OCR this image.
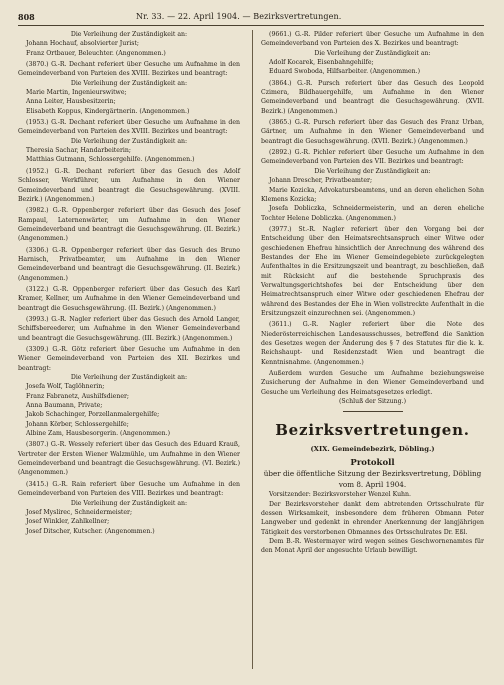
808	Nr. 33. — 22. April 1904. — Bezirksvertretungen.

Die Verleihung der Zuständigkeit an:

Johann Hochauf, absolvierter Jurist;

Franz Ortbauer, Beleuchter. (Angenommen.)

(3870.) G.-R. Dechant referiert über Gesuche um Aufnahme in den Gemeindeverband von Parteien des XVIII. Bezirkes und beantragt:

Die Verleihung der Zuständigkeit an:

Marie Martin, Ingenieurswitwe;

Anna Leiter, Hausbesitzerin;

Elisabeth Koppus, Kindergärtnerin. (Angenommen.)

(1953.) G.-R. Dechant referiert über Gesuche um Aufnahme in den Gemeindeverband von Parteien des XVIII. Bezirkes und beantragt:

Die Verleihung der Zuständigkeit an:

Theresia Sachar, Handarbeiterin;

Matthias Gutmann, Schlossergehilfe. (Angenommen.)

(1952.) G.-R. Dechant referiert über das Gesuch des Adolf Schlosser, Werkführer, um Aufnahme in den Wiener Gemeindeverband und beantragt die Gesuchsgewährung. (XVIII. Bezirk.) (Angenommen.)

(3982.) G.-R. Oppenberger referiert über das Gesuch des Josef Rampaul, Laternenwärter, um Aufnahme in den Wiener Gemeindeverband und beantragt die Gesuchsgewährung. (II. Bezirk.) (Angenommen.)

(3306.) G.-R. Oppenberger referiert über das Gesuch des Bruno Harnisch, Privatbeamter, um Aufnahme in den Wiener Gemeindeverband und beantragt die Gesuchsgewährung. (II. Bezirk.) (Angenommen.)

(3122.) G.-R. Oppenberger referiert über das Gesuch des Karl Kramer, Kellner, um Aufnahme in den Wiener Gemeindeverband und beantragt die Gesuchsgewährung. (II. Bezirk.) (Angenommen.)

(3993.) G.-R. Nagler referiert über das Gesuch des Arnold Langer, Schiffsbereederer, um Aufnahme in den Wiener Gemeindeverband und beantragt die Gesuchsgewährung. (III. Bezirk.) (Angenommen.)

(3309.) G.-R. Götz referiert über Gesuche um Aufnahme in den Wiener Gemeindeverband von Parteien des XII. Bezirkes und beantragt:

Die Verleihung der Zuständigkeit an:

Josefa Wolf, Taglöhnerin;

Franz Fabranetz, Aushilfsdiener;

Anna Baumann, Private;

Jakob Schachinger, Porzellanmalergehilfe;

Johann Körber, Schlossergehilfe;

Albine Zam, Hausbesorgerin. (Angenommen.)

(3807.) G.-R. Wessely referiert über das Gesuch des Eduard Krauß, Vertreter der Ersten Wiener Walzmühle, um Aufnahme in den Wiener Gemeindeverband und beantragt die Gesuchsgewährung. (VI. Bezirk.) (Angenommen.)

(3415.) G.-R. Rain referiert über Gesuche um Aufnahme in den Gemeindeverband von Parteien des VIII. Bezirkes und beantragt:

Die Verleihung der Zuständigkeit an:

Josef Myslirec, Schneidermeister;

Josef Winkler, Zahlkellner;

Josef Ditscher, Kutscher. (Angenommen.)

(9661.) G.-R. Pilder referiert über Gesuche um Aufnahme in den Gemeindeverband von Parteien des X. Bezirkes und beantragt:

Die Verleihung der Zuständigkeit an:

Adolf Kocarek, Eisenbahngehilfe;

Eduard Swoboda, Hilfsarbeiter. (Angenommen.)

(3864.) G.-R. Pursch referiert über das Gesuch des Leopold Czimera, Bildhauergehilfe, um Aufnahme in den Wiener Gemeindeverband und beantragt die Gesuchsgewährung. (XVII. Bezirk.) (Angenommen.)

(3865.) G.-R. Pursch referiert über das Gesuch des Franz Urban, Gärtner, um Aufnahme in den Wiener Gemeindeverband und beantragt die Gesuchsgewährung. (XVII. Bezirk.) (Angenommen.)

(2892.) G.-R. Pichler referiert über Gesuche um Aufnahme in den Gemeindeverband von Parteien des VII. Bezirkes und beantragt:

Die Verleihung der Zuständigkeit an:

Johann Drescher, Privatbeamter;

Marie Kozicka, Advokatursbeamtens, und an deren ehelichen Sohn Klemens Kozicka;

Josefa Dobliczka, Schneidermeisterin, und an deren eheliche Tochter Helene Dobliczka. (Angenommen.)

(3977.) St.-R. Nagler referiert über den Vorgang bei der Entscheidung über den Heimatsrechtsanspruch einer Witwe oder geschiedenen Ehefrau hinsichtlich der Anrechnung des während des Bestandes der Ehe im Wiener Gemeindegebiete zurückgelegten Aufenthaltes in die Ersitzungszeit und beantragt, zu beschließen, daß mit Rücksicht auf die bestehende Spruchpraxis des Verwaltungsgerichtshofes bei der Entscheidung über den Heimatrechtsanspruch einer Witwe oder geschiedenen Ehefrau der während des Bestandes der Ehe in Wien vollstreckte Aufenthalt in die Ersitzungszeit einzurechnen sei. (Angenommen.)

(3611.) G.-R. Nagler referiert über die Note des Niederösterreichischen Landesausschusses, betreffend die Sanktion des Gesetzes wegen der Änderung des § 7 des Statutes für die k. k. Reichshaupt- und Residenzstadt Wien und beantragt die Kenntnisnahme. (Angenommen.)

Außerdem wurden Gesuche um Aufnahme beziehungsweise Zusicherung der Aufnahme in den Wiener Gemeindeverband und Gesuche um Verleihung des Heimatsgesetzes erledigt.

(Schluß der Sitzung.)

Bezirksvertretungen.

(XIX. Gemeindebezirk, Döbling.)

Protokoll

über die öffentliche Sitzung der Bezirksvertretung, Döbling vom 8. April 1904.

Vorsitzender: Bezirksvorsteher Wenzel Kuhn.

Der Bezirksvorsteher dankt dem abtretenden Ortsschulrate für dessen Wirksamkeit, insbesondere dem früheren Obmann Peter Langweber und gedenkt in ehrender Anerkennung der langjährigen Tätigkeit des verstorbenen Obmannes des Ortsschulrates Dr. Eßl.

Dem B.-R. Westermayer wird wegen seines Geschwornenamtes für den Monat April der angesuchte Urlaub bewilligt.
